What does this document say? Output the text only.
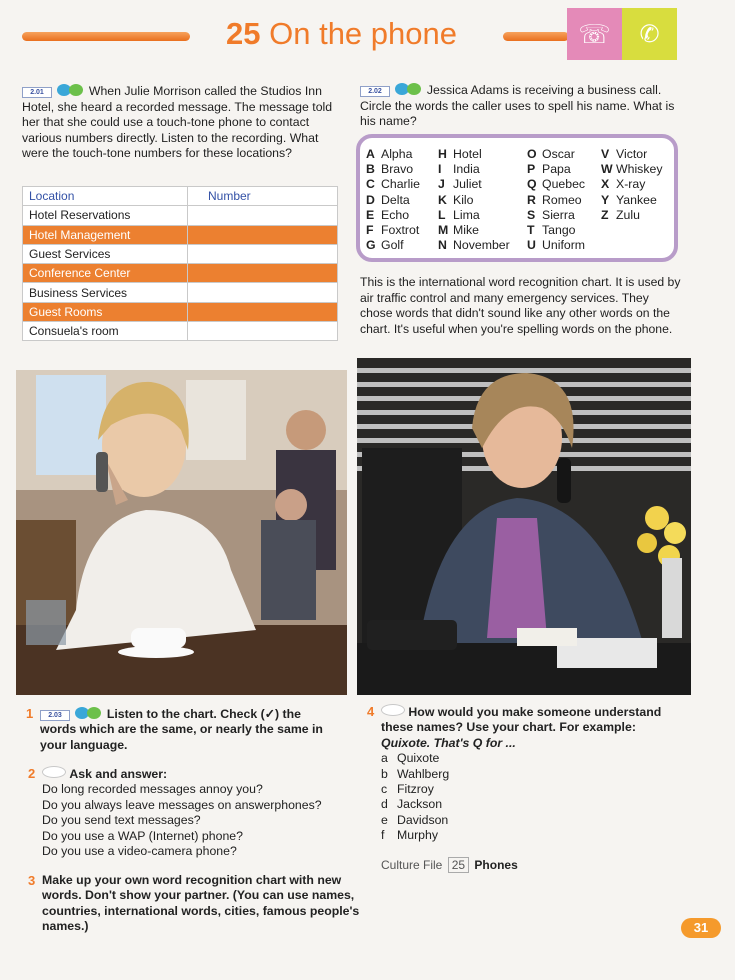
25 On the phone	☏	✆
2.01	When Julie Morrison called the Studios Inn Hotel, she heard a recorded message. The message told her that she could use a touch-tone phone to contact various numbers directly. Listen to the recording. What were the touch-tone numbers for these locations?
Location	Number
Hotel Reservations	
Hotel Management	
Guest Services	
Conference Center	
Business Services	
Guest Rooms	
Consuela's room	
2.02	Jessica Adams is receiving a business call. Circle the words the caller uses to spell his name. What is his name?
A Alpha
B Bravo
C Charlie
D Delta
E Echo
F Foxtrot
G Golf
H Hotel
I India
J Juliet
K Kilo
L Lima
M Mike
N November
O Oscar
P Papa
Q Quebec
R Romeo
S Sierra
T Tango
U Uniform
V Victor
W Whiskey
X X-ray
Y Yankee
Z Zulu
This is the international word recognition chart. It is used by air traffic control and many emergency services. They chose words that didn't sound like any other words on the chart. It's useful when you're spelling words on the phone.
1 2.03	Listen to the chart. Check (✓) the words which are the same, or nearly the same in your language.
2	Ask and answer:
Do long recorded messages annoy you?
Do you always leave messages on answerphones?
Do you send text messages?
Do you use a WAP (Internet) phone?
Do you use a video-camera phone?
3 Make up your own word recognition chart with new words. Don't show your partner. (You can use names, countries, international words, cities, famous people's names.)
4	How would you make someone understand these names? Use your chart. For example:
Quixote. That's Q for ...
a Quixote
b Wahlberg
c Fitzroy
d Jackson
e Davidson
f Murphy
Culture File 25 Phones
31
